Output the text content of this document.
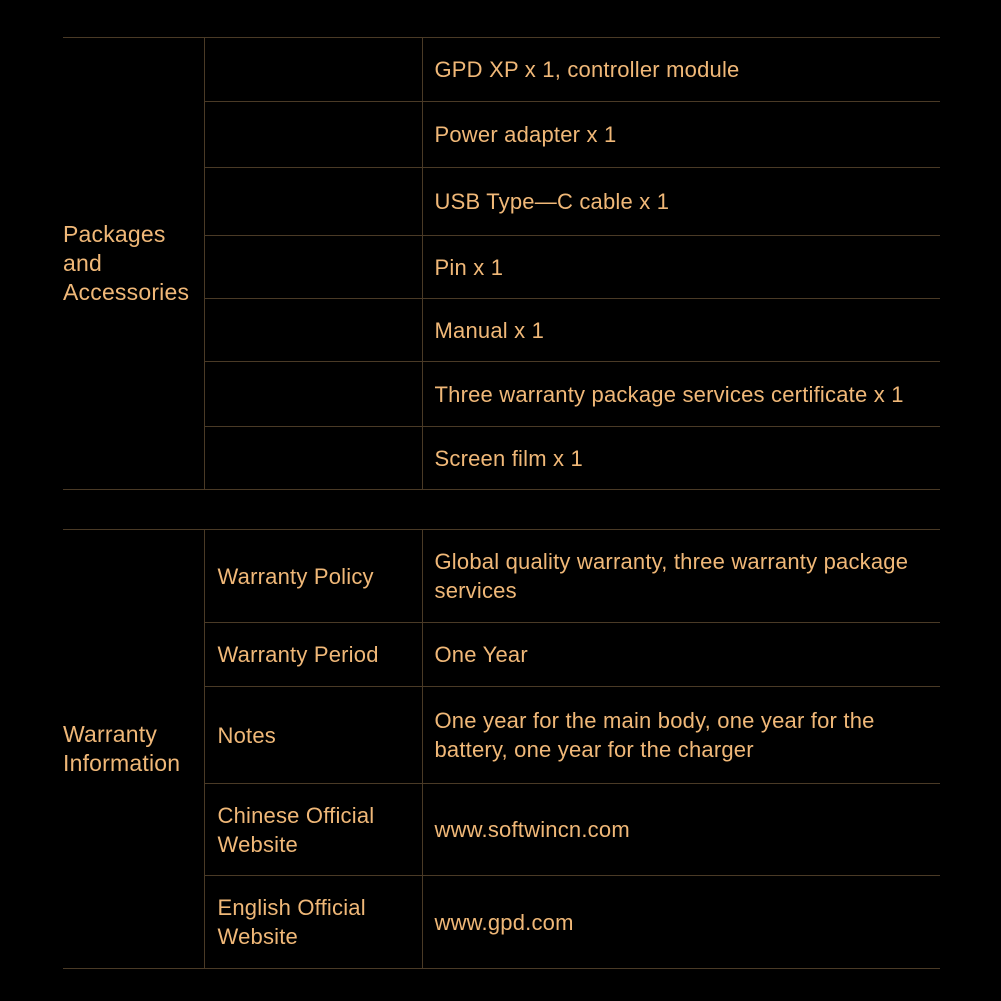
Packages and Accessories		GPD XP x 1, controller module
		Power adapter x 1
		USB Type—C cable x 1
		Pin x 1
		Manual x 1
		Three warranty package services certificate x 1
		Screen film x 1
Warranty Information	Warranty Policy	Global quality warranty, three warranty package services
	Warranty Period	One Year
	Notes	One year for the main body, one year for the battery, one year for the charger
	Chinese Official Website	www.softwincn.com
	English Official Website	www.gpd.com
